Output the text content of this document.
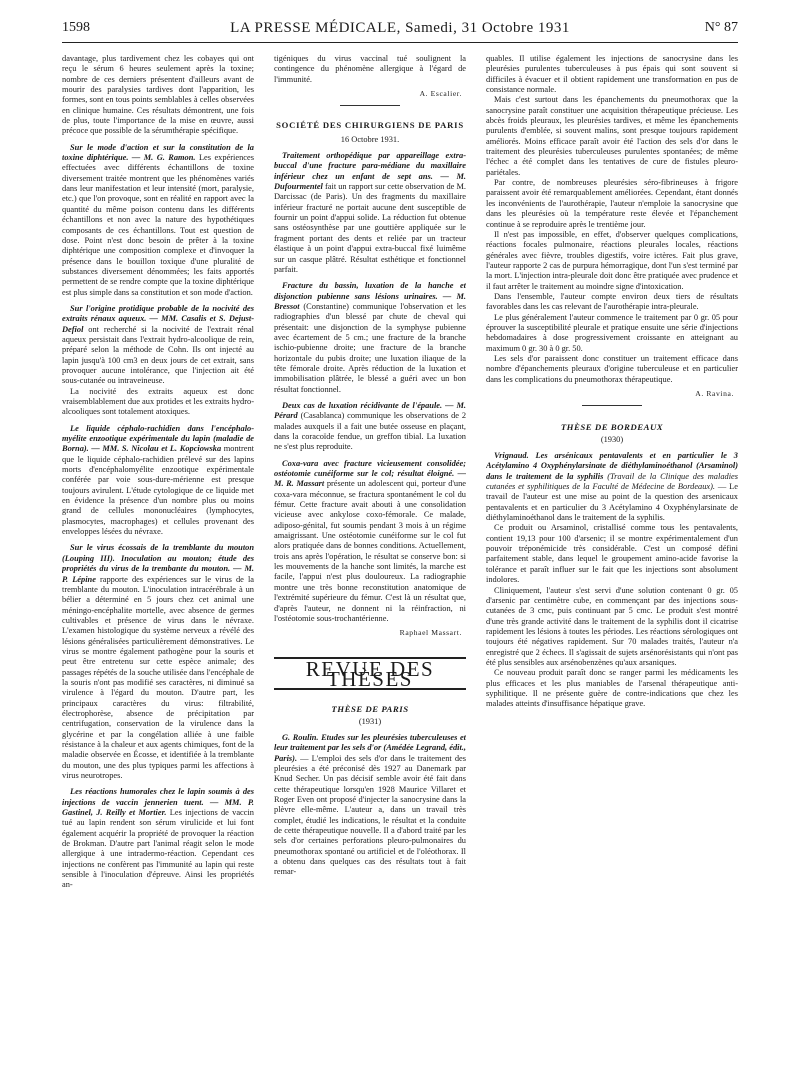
1598	LA PRESSE MÉDICALE, Samedi, 31 Octobre 1931	N° 87

davantage, plus tardivement chez les cobayes qui ont reçu le sérum 6 heures seulement après la toxine; nombre de ces derniers présentent d'ailleurs avant de mourir des paralysies tardives dont l'apparition, les formes, sont en tous points semblables à celles observées en clinique humaine. Ces résultats démontrent, une fois de plus, toute l'importance de la mise en œuvre, aussi précoce que possible de la sérumthérapie spécifique.

Sur le mode d'action et sur la constitution de la toxine diphtérique. — M. G. Ramon. Les expériences effectuées avec différents échantillons de toxine diversement traitée montrent que les phénomènes variés dans leur manifestation et leur intensité (mort, paralysie, etc.) que l'on provoque, sont en réalité en rapport avec la quantité du même poison contenu dans les différents échantillons et non avec la nature des hypothétiques composants de ces échantillons. Tout est question de dose. Point n'est donc besoin de prêter à la toxine diphtérique une composition complexe et d'invoquer la présence dans le bouillon toxique d'une pluralité de substances diversement dénommées; les faits apportés permettent de se rendre compte que la toxine diphtérique est plus simple dans sa constitution et son mode d'action.

Sur l'origine protidique probable de la nocivité des extraits rénaux aqueux. — MM. Casalis et S. Dejust-Defiol ont recherché si la nocivité de l'extrait rénal aqueux persistait dans l'extrait hydro-alcoolique de rein, préparé selon la méthode de Cohn. Ils ont injecté au lapin jusqu'à 100 cm3 en deux jours de cet extrait, sans provoquer aucune intolérance, que l'injection ait été sous-cutanée ou intraveineuse.

La nocivité des extraits aqueux est donc vraisemblablement due aux protides et les extraits hydro-alcooliques sont totalement atoxiques.

Le liquide céphalo-rachidien dans l'encéphalo-myélite enzootique expérimentale du lapin (maladie de Borna). — MM. S. Nicolau et L. Kopciowska montrent que le liquide céphalo-rachidien prélevé sur des lapins morts d'encéphalomyélite enzootique expérimentale conférée par voie sous-dure-mérienne est presque toujours avirulent. L'étude cytologique de ce liquide met en évidence la présence d'un nombre plus ou moins grand de cellules mononucléaires (lymphocytes, plasmocytes, macrophages) et cellules provenant des enveloppes lésées du névraxe.

Sur le virus écossais de la tremblante du mouton (Louping III). Inoculation au mouton; étude des propriétés du virus de la trembante du mouton. — M. P. Lépine rapporte des expériences sur le virus de la tremblante du mouton. L'inoculation intracérébrale à un bélier a déterminé en 5 jours chez cet animal une méningo-encéphalite mortelle, avec absence de germes cultivables et présence de virus dans le névraxe. L'examen histologique du système nerveux a révélé des lésions généralisées particulièrement démonstratives. Le virus se montre également pathogène pour la souris et peut être entretenu sur cette espèce animale; des passages répétés de la souche utilisée dans l'encéphale de la souris n'ont pas modifié ses caractères, ni diminué sa virulence à l'égard du mouton. D'autre part, les principaux caractères du virus: filtrabilité, électrophorèse, absence de précipitation par centrifugation, conservation de la virulence dans la glycérine et par la congélation alliée à une faible résistance à la chaleur et aux agents chimiques, font de la maladie observée en Écosse, et identifiée à la tremblante du mouton, une des plus typiques parmi les affections à virus neurotropes.

Les réactions humorales chez le lapin soumis à des injections de vaccin jennerien tuent. — MM. P. Gastinel, J. Reilly et Mortier. Les injections de vaccin tué au lapin rendent son sérum virulicide et lui font également acquérir la propriété de provoquer la réaction de Brokman. D'autre part l'animal réagit selon le mode allergique à une intradermo-réaction. Cependant ces injections ne confèrent pas l'immunité au lapin qui reste sensible à l'inoculation d'épreuve. Ainsi les propriétés an-

tigéniques du virus vaccinal tué soulignent la contingence du phénomène allergique à l'égard de l'immunité.

A. Escalier.
SOCIÉTÉ DES CHIRURGIENS DE PARIS
16 Octobre 1931.

Traitement orthopédique par appareillage extra-buccal d'une fracture para-médiane du maxillaire inférieur chez un enfant de sept ans. — M. Dufourmentel fait un rapport sur cette observation de M. Darcissac (de Paris). Un des fragments du maxillaire inférieur fracturé ne portait aucune dent susceptible de fournir un point d'appui solide. La réduction fut obtenue sans ostéosynthèse par une gouttière appliquée sur le fragment portant des dents et reliée par un tracteur élastique à un point d'appui extra-buccal fixé luimême sur un casque plâtré. Résultat esthétique et fonctionnel parfait.

Fracture du bassin, luxation de la hanche et disjonction pubienne sans lésions urinaires. — M. Bressot (Constantine) communique l'observation et les radiographies d'un blessé par chute de cheval qui présentait: une disjonction de la symphyse pubienne avec écartement de 5 cm.; une fracture de la branche ischio-pubienne droite; une fracture de la branche horizontale du pubis droite; une luxation iliaque de la tête fémorale droite. Après réduction de la luxation et immobilisation plâtrée, le blessé a guéri avec un bon résultat fonctionnel.

Deux cas de luxation récidivante de l'épaule. — M. Pérard (Casablanca) communique les observations de 2 malades auxquels il a fait une butée osseuse en plaçant, dans la coracoïde fendue, un greffon tibial. La luxation ne s'est plus reproduite.

Coxa-vara avec fracture vicieusement consolidée; ostéotomie cunéiforme sur le col; résultat éloigné. — M. R. Massart présente un adolescent qui, porteur d'une coxa-vara méconnue, se fractura spontanément le col du fémur. Cette fracture avait abouti à une consolidation vicieuse avec ankylose coxo-fémorale. Ce malade, adiposo-génital, fut soumis pendant 3 mois à un régime amaigrissant. Une ostéotomie cunéiforme sur le col fut alors pratiquée dans de bonnes conditions. Actuellement, trois ans après l'opération, le résultat se conserve bon: si les mouvements de la hanche sont limités, la marche est facile, l'appui n'est plus douloureux. La radiographie montre une très bonne reconstitution anatomique de l'extrémité supérieure du fémur. C'est là un résultat que, d'après l'auteur, ne donnent ni la réinfraction, ni l'ostéotomie sous-trochantérienne.

Raphael Massart.
REVUE DES THÈSES
THÈSE DE PARIS
(1931)

G. Roulin. Etudes sur les pleurésies tuberculeuses et leur traitement par les sels d'or (Amédée Legrand, édit., Paris). — L'emploi des sels d'or dans le traitement des pleurésies a été préconisé dès 1927 au Danemark par Knud Secher. Un pas décisif semble avoir été fait dans cette thérapeutique lorsqu'en 1928 Maurice Villaret et Roger Even ont proposé d'injecter la sanocrysine dans la plèvre elle-même. L'auteur a, dans un travail très complet, étudié les indications, le résultat et la conduite de cette thérapeutique nouvelle. Il a d'abord traité par les sels d'or certaines perforations pleuro-pulmonaires du pneumothorax spontané ou artificiel et de l'oléothorax. Il a obtenu dans quelques cas des résultats tout à fait remar-

quables. Il utilise également les injections de sanocrysine dans les pleurésies purulentes tuberculeuses à pus épais qui sont souvent si difficiles à évacuer et il obtient rapidement une transformation en pus de consistance normale.

Mais c'est surtout dans les épanchements du pneumothorax que la sanocrysine paraît constituer une acquisition thérapeutique précieuse. Les abcès froids pleuraux, les pleurésies tardives, et même les épanchements purulents d'emblée, si souvent malins, sont presque toujours rapidement améliorés. Moins efficace paraît avoir été l'action des sels d'or dans le traitement des pleurésies tuberculeuses purulentes spontanées; de même l'échec a été complet dans les tentatives de cure de fistules pleuro-pariétales.

Par contre, de nombreuses pleurésies séro-fibrineuses à frigore paraissent avoir été remarquablement améliorées. Cependant, étant donnés les inconvénients de l'aurothérapie, l'auteur n'emploie la sanocrysine que dans les pleurésies où la température reste élevée et l'épanchement continue à se reproduire après le trentième jour.

Il n'est pas impossible, en effet, d'observer quelques complications, réactions focales pulmonaire, réactions pleurales locales, réactions générales avec fièvre, troubles digestifs, voire ictères. Fait plus grave, l'auteur rapporte 2 cas de purpura hémorragique, dont l'un s'est terminé par la mort. L'injection intra-pleurale doit donc être pratiquée avec prudence et il faut arrêter le traitement au moindre signe d'intoxication.

Dans l'ensemble, l'auteur compte environ deux tiers de résultats favorables dans les cas relevant de l'aurothérapie intra-pleurale.

Le plus généralement l'auteur commence le traitement par 0 gr. 05 pour éprouver la susceptibilité pleurale et pratique ensuite une série d'injections hebdomadaires à dose progressivement croissante en atteignant au maximum 0 gr. 30 à 0 gr. 50.

Les sels d'or paraissent donc constituer un traitement efficace dans nombre d'épanchements pleuraux d'origine tuberculeuse et en particulier dans les complications du pneumothorax thérapeutique.

A. Ravina.
THÈSE DE BORDEAUX
(1930)

Vrignaud. Les arsénicaux pentavalents et en particulier le 3 Acétylamino 4 Oxyphénylarsinate de diéthylaminoéthanol (Arsaminol) dans le traitement de la syphilis (Travail de la Clinique des maladies cutanées et syphilitiques de la Faculté de Médecine de Bordeaux). — Le travail de l'auteur est une mise au point de la question des arsenicaux pentavalents et en particulier du 3 Acétylamino 4 Oxyphénylarsinate de diéthylaminoéthanol dans le traitement de la syphilis.

Ce produit ou Arsaminol, cristallisé comme tous les pentavalents, contient 19,13 pour 100 d'arsenic; il se montre expérimentalement d'un pouvoir tréponémicide très considérable. C'est un composé défini parfaitement stable, dans lequel le groupement amino-acide favorise la tolérance et paraît influer sur le fait que les injections sont absolument indolores.

Cliniquement, l'auteur s'est servi d'une solution contenant 0 gr. 05 d'arsenic par centimètre cube, en commençant par des injections sous-cutanées de 3 cmc, puis continuant par 5 cmc. Le produit s'est montré d'une très grande activité dans le traitement de la syphilis dont il cicatrise rapidement les lésions à toutes les périodes. Les réactions sérologiques ont toujours été négatives rapidement. Sur 70 malades traités, l'auteur n'a enregistré que 2 échecs. Il s'agissait de sujets arsénorésistants qui n'ont pas été plus sensibles aux arsénobenzènes qu'aux arsaniques.

Ce nouveau produit paraît donc se ranger parmi les médicaments les plus efficaces et les plus maniables de l'arsenal thérapeutique anti-syphilitique. Il ne présente guère de contre-indications que chez les malades atteints d'insuffisance hépatique grave.
